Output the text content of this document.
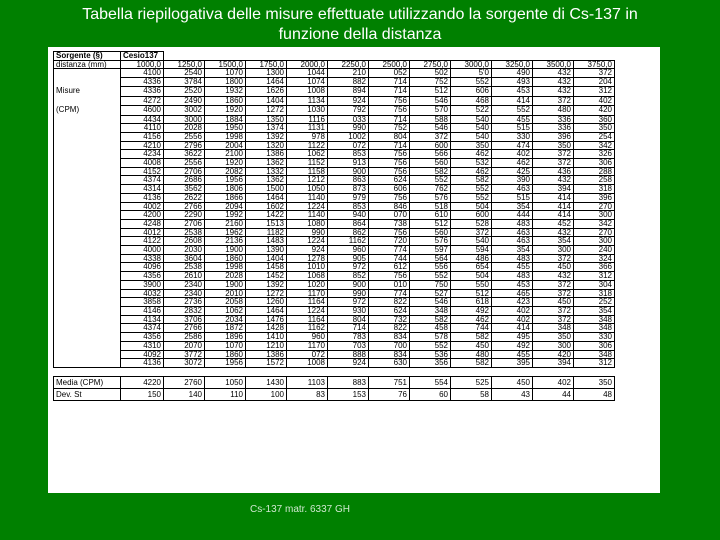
Tabella riepilogativa delle misure effettuate utilizzando la sorgente di Cs-137 in
funzione della distanza
Sorgente (§)	Cesio137											
distanza (mm)	1000,0	1250,0	1500,0	1750,0	2000,0	2250,0	2500,0	2750,0	3000,0	3250,0	3500,0	3750,0
	4100	2540	1070	1300	1044	210	052	502	5'0	490	432	372
	4336	3784	1800	1464	1074	882	714	752	552	493	432	204

Misure	4336	2520	1932	1626	1008	894	714	512	606	453	432	312
	4272	2490	1860	1404	1134	924	756	546	468	414	372	402

(CPM)	4600	3002	1920	1272	1030	792	756	570	522	552	480	420
	4434	3000	1884	1350	1116	033	714	588	540	455	336	360
	4110	2028	1950	1374	1131	990	752	546	540	515	336	350
	4156	2556	1998	1392	978	1002	804	372	540	330	396	254
	4210	2796	2004	1320	1122	072	714	600	350	474	350	342
	4234	3622	2100	1386	1062	853	756	566	462	402	372	326
	4008	2556	1920	1362	1152	913	756	560	532	462	372	306
	4152	2706	2082	1332	1158	900	756	582	462	425	436	288
	4374	2686	1956	1362	1212	863	624	552	582	390	432	258
	4314	3562	1806	1500	1050	873	606	762	552	463	394	318
	4136	2622	1866	1464	1140	979	756	576	552	515	414	396
	4002	2766	2094	1602	1224	853	846	518	504	354	414	270
	4200	2290	1992	1422	1140	940	070	610	600	444	414	300
	4248	2706	2160	1513	1080	864	738	512	528	483	452	342
	4012	2538	1962	1182	990	862	756	560	372	463	432	270
	4122	2608	2136	1483	1224	1162	720	576	540	463	354	300
	4000	2030	1900	1390	924	960	774	597	594	354	300	240
	4338	3604	1860	1404	1278	905	744	564	486	483	372	324
	4096	2538	1998	1458	1010	972	612	556	654	455	450	366
	4356	2610	2028	1452	1068	852	756	552	504	483	432	312
	3900	2340	1900	1392	1020	900	010	750	550	453	372	304
	4032	2340	2010	1272	1170	990	774	527	512	465	372	318
	3858	2736	2058	1260	1164	972	822	546	618	423	450	252
	4146	2832	1062	1464	1224	930	624	348	492	402	372	354
	4134	3706	2034	1476	1164	804	732	582	462	402	372	348
	4374	2766	1872	1428	1162	714	822	458	744	414	348	348
	4356	2586	1896	1410	960	783	834	578	582	495	350	330
	4310	2070	1070	1210	1170	703	700	552	450	492	300	306
	4092	3772	1860	1386	072	888	834	536	480	455	420	348
	4136	3072	1956	1572	1008	924	630	356	582	395	394	312

Media (CPM)	4220	2760	1050	1430	1103	883	751	554	525	450	402	350
Dev. St	150	140	110	100	83	153	76	60	58	43	44	48
Cs-137 matr. 6337 GH
